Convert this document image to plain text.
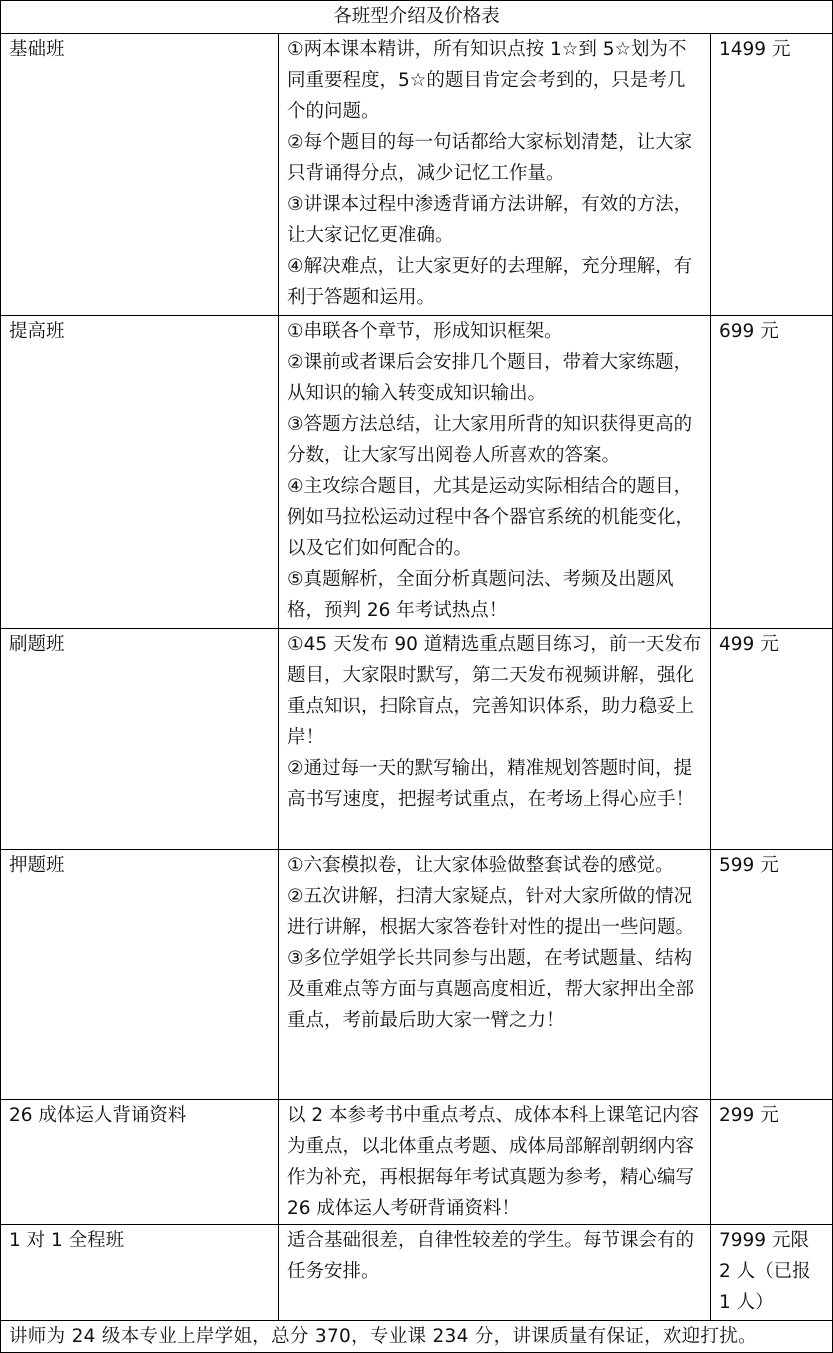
各班型介绍及价格表		
基础班	①两本课本精讲，所有知识点按 1☆到 5☆划为不同重要程度，5☆的题目肯定会考到的，只是考几个的问题。
②每个题目的每一句话都给大家标划清楚，让大家只背诵得分点，减少记忆工作量。
③讲课本过程中渗透背诵方法讲解，有效的方法，让大家记忆更准确。
④解决难点，让大家更好的去理解，充分理解，有利于答题和运用。	1499 元
提高班	①串联各个章节，形成知识框架。
②课前或者课后会安排几个题目，带着大家练题，从知识的输入转变成知识输出。
③答题方法总结，让大家用所背的知识获得更高的分数，让大家写出阅卷人所喜欢的答案。
④主攻综合题目，尤其是运动实际相结合的题目，例如马拉松运动过程中各个器官系统的机能变化，以及它们如何配合的。
⑤真题解析，全面分析真题问法、考频及出题风格，预判 26 年考试热点！	699 元
刷题班	①45 天发布 90 道精选重点题目练习，前一天发布题目，大家限时默写，第二天发布视频讲解，强化重点知识，扫除盲点，完善知识体系，助力稳妥上岸！
②通过每一天的默写输出，精准规划答题时间，提高书写速度，把握考试重点，在考场上得心应手！	499 元
押题班	①六套模拟卷，让大家体验做整套试卷的感觉。
②五次讲解，扫清大家疑点，针对大家所做的情况进行讲解，根据大家答卷针对性的提出一些问题。
③多位学姐学长共同参与出题，在考试题量、结构及重难点等方面与真题高度相近，帮大家押出全部重点，考前最后助大家一臂之力！	599 元
26 成体运人背诵资料	以 2 本参考书中重点考点、成体本科上课笔记内容为重点，以北体重点考题、成体局部解剖朝纲内容作为补充，再根据每年考试真题为参考，精心编写 26 成体运人考研背诵资料！	299 元
1 对 1 全程班	适合基础很差，自律性较差的学生。每节课会有的任务安排。	7999 元限 2 人（已报 1 人）
讲师为 24 级本专业上岸学姐，总分 370，专业课 234 分，讲课质量有保证，欢迎打扰。		
